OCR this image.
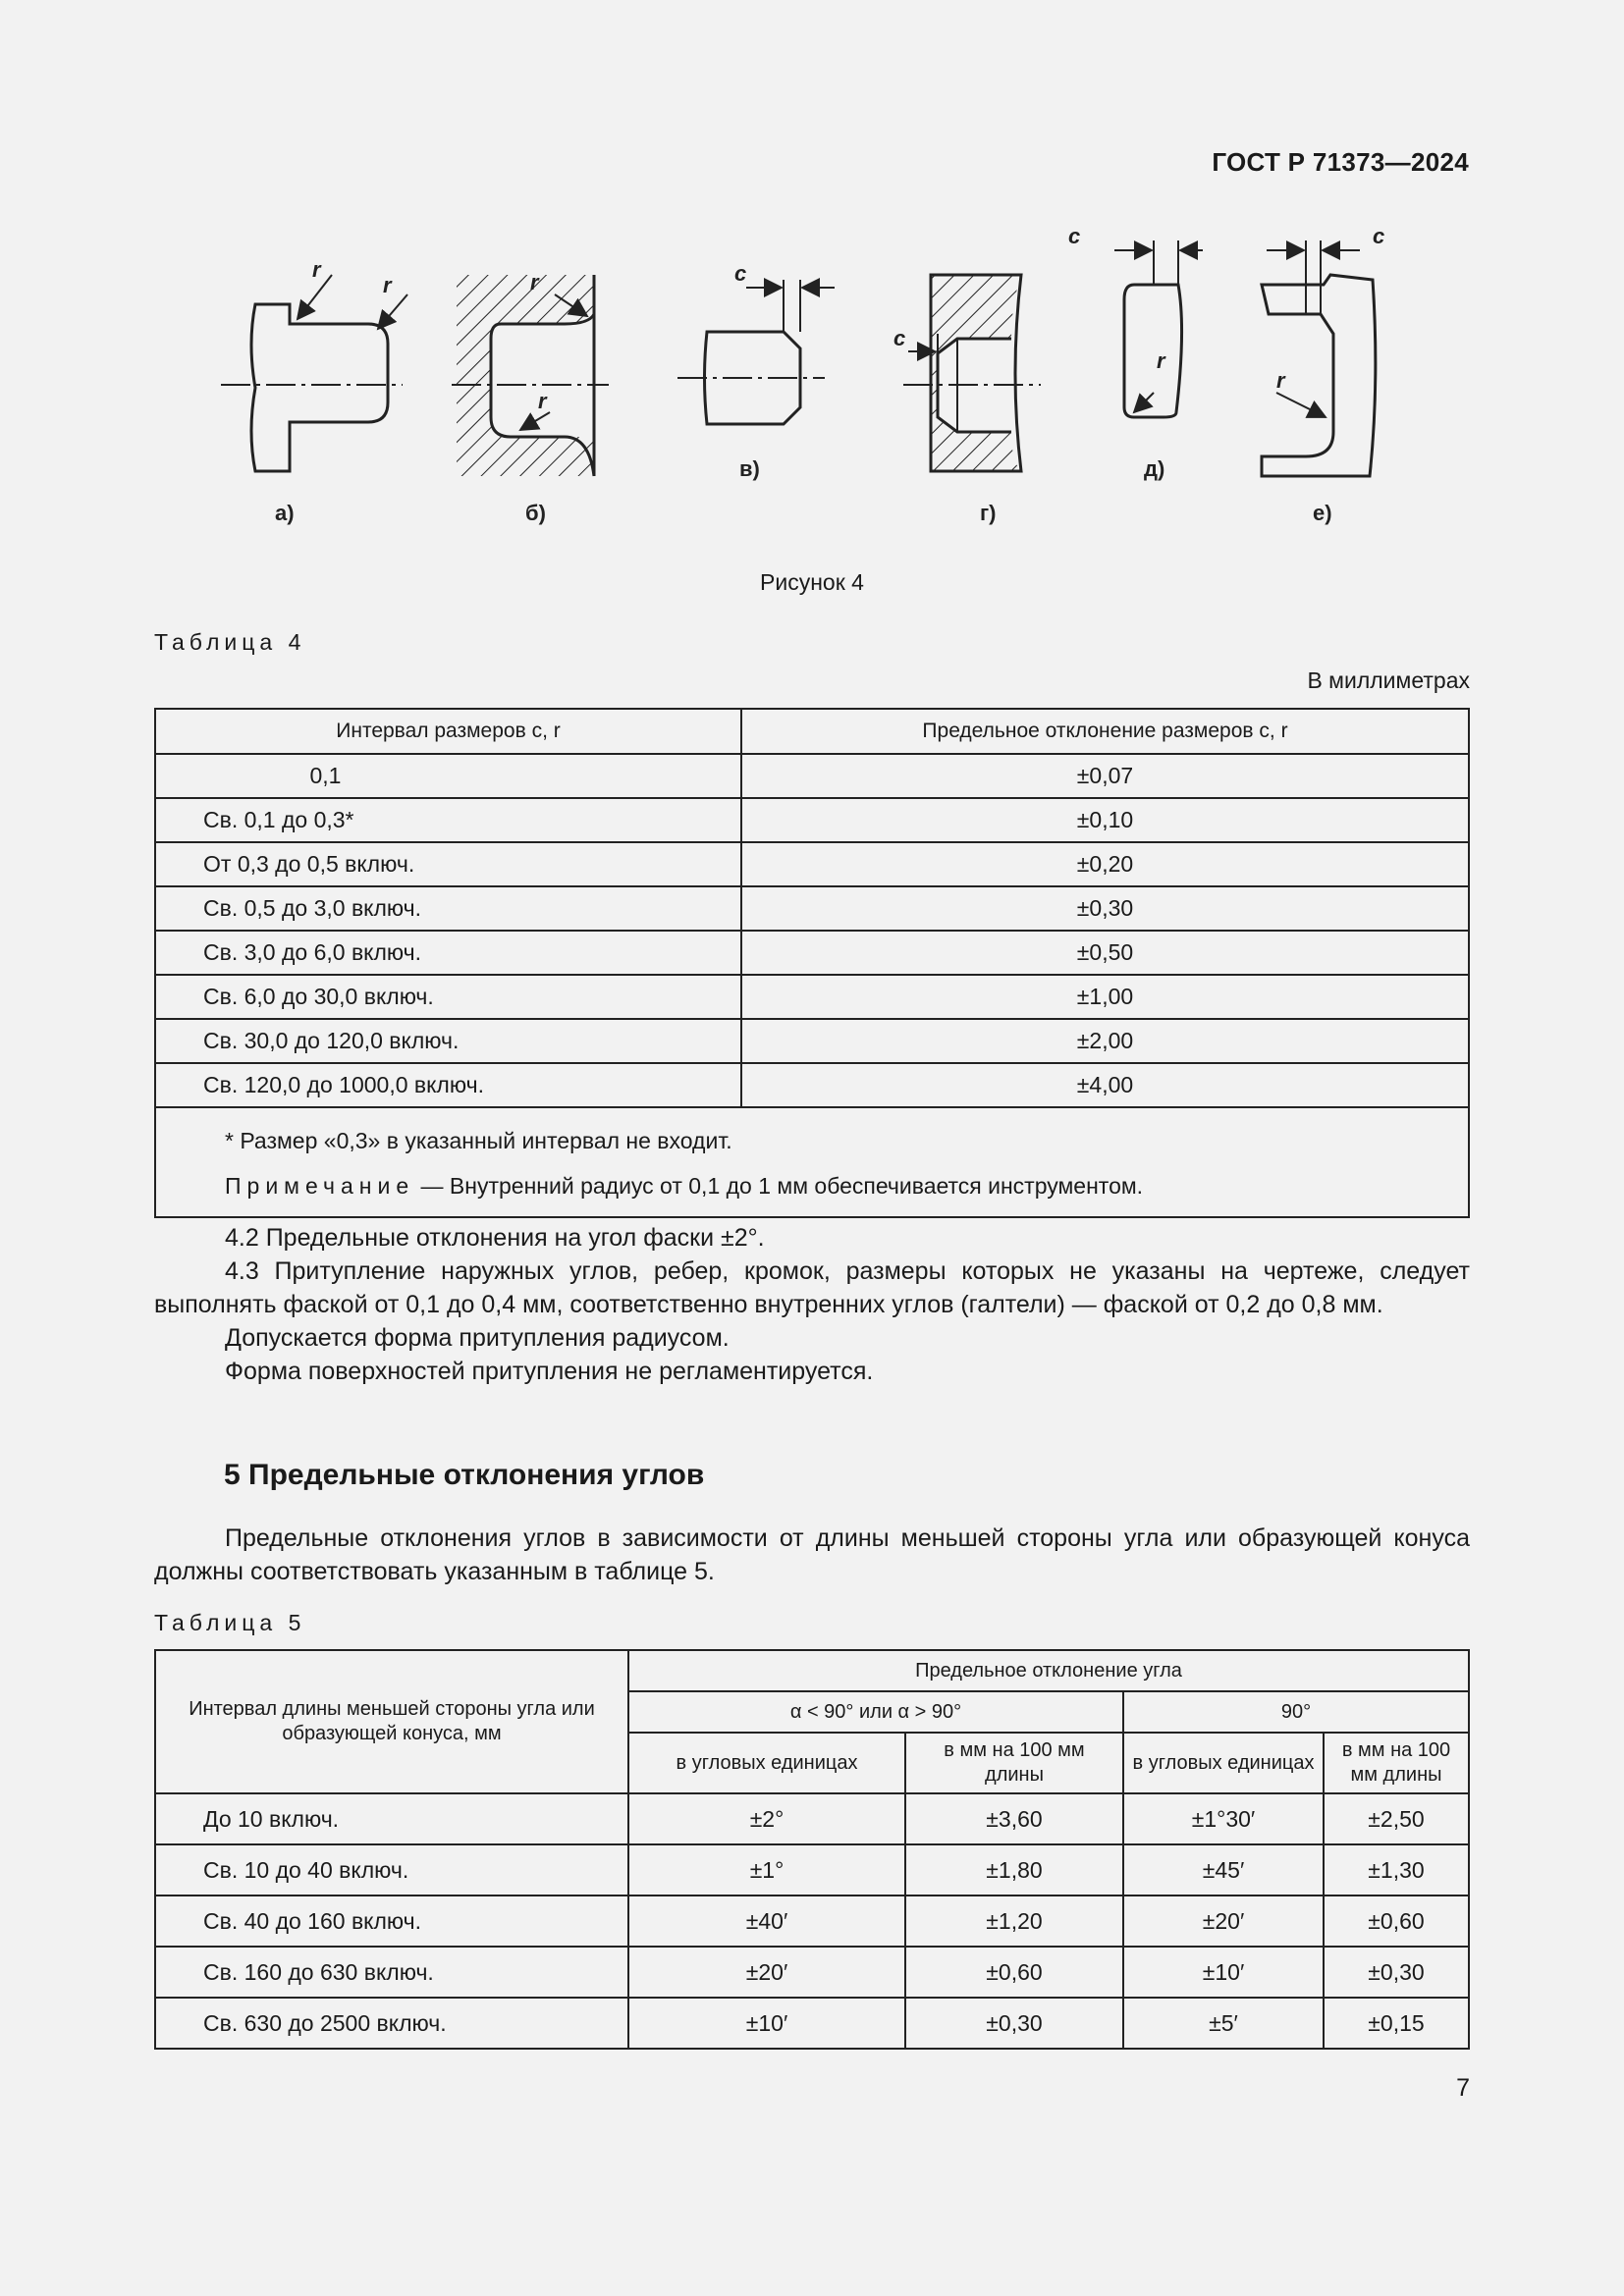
ГОСТ Р 71373—2024
r
r	r
r
c
c
c
r
c
r
а)	б)
в)
г)
д)
е)
Рисунок 4
Таблица 4
В миллиметрах
Интервал размеров c, r	Предельное отклонение размеров c, r
0,1	±0,07
Св. 0,1 до 0,3*	±0,10
От 0,3 до 0,5 включ.	±0,20
Св. 0,5 до 3,0 включ.	±0,30
Св. 3,0 до 6,0 включ.	±0,50
Св. 6,0 до 30,0 включ.	±1,00
Св. 30,0 до 120,0 включ.	±2,00
Св. 120,0 до 1000,0 включ.	±4,00

* Размер «0,3» в указанный интервал не входит.
Примечание — Внутренний радиус от 0,1 до 1 мм обеспечивается инструментом.	

4.2 Предельные отклонения на угол фаски ±2°.

4.3 Притупление наружных углов, ребер, кромок, размеры которых не указаны на чертеже, следует выполнять фаской от 0,1 до 0,4 мм, соответственно внутренних углов (галтели) — фаской от 0,2 до 0,8 мм.

Допускается форма притупления радиусом.

Форма поверхностей притупления не регламентируется.

5 Предельные отклонения углов

Предельные отклонения углов в зависимости от длины меньшей стороны угла или образующей конуса должны соответствовать указанным в таблице 5.

Таблица 5
Интервал длины меньшей стороны угла или образующей конуса, мм	Предельное отклонение угла			
	α < 90° или α > 90°		90°	
	в угловых единицах	в мм на 100 мм длины	в угловых единицах	в мм на 100 мм длины
До 10 включ.	±2°	±3,60	±1°30′	±2,50
Св. 10 до 40 включ.	±1°	±1,80	±45′	±1,30
Св. 40 до 160 включ.	±40′	±1,20	±20′	±0,60
Св. 160 до 630 включ.	±20′	±0,60	±10′	±0,30
Св. 630 до 2500 включ.	±10′	±0,30	±5′	±0,15
7
